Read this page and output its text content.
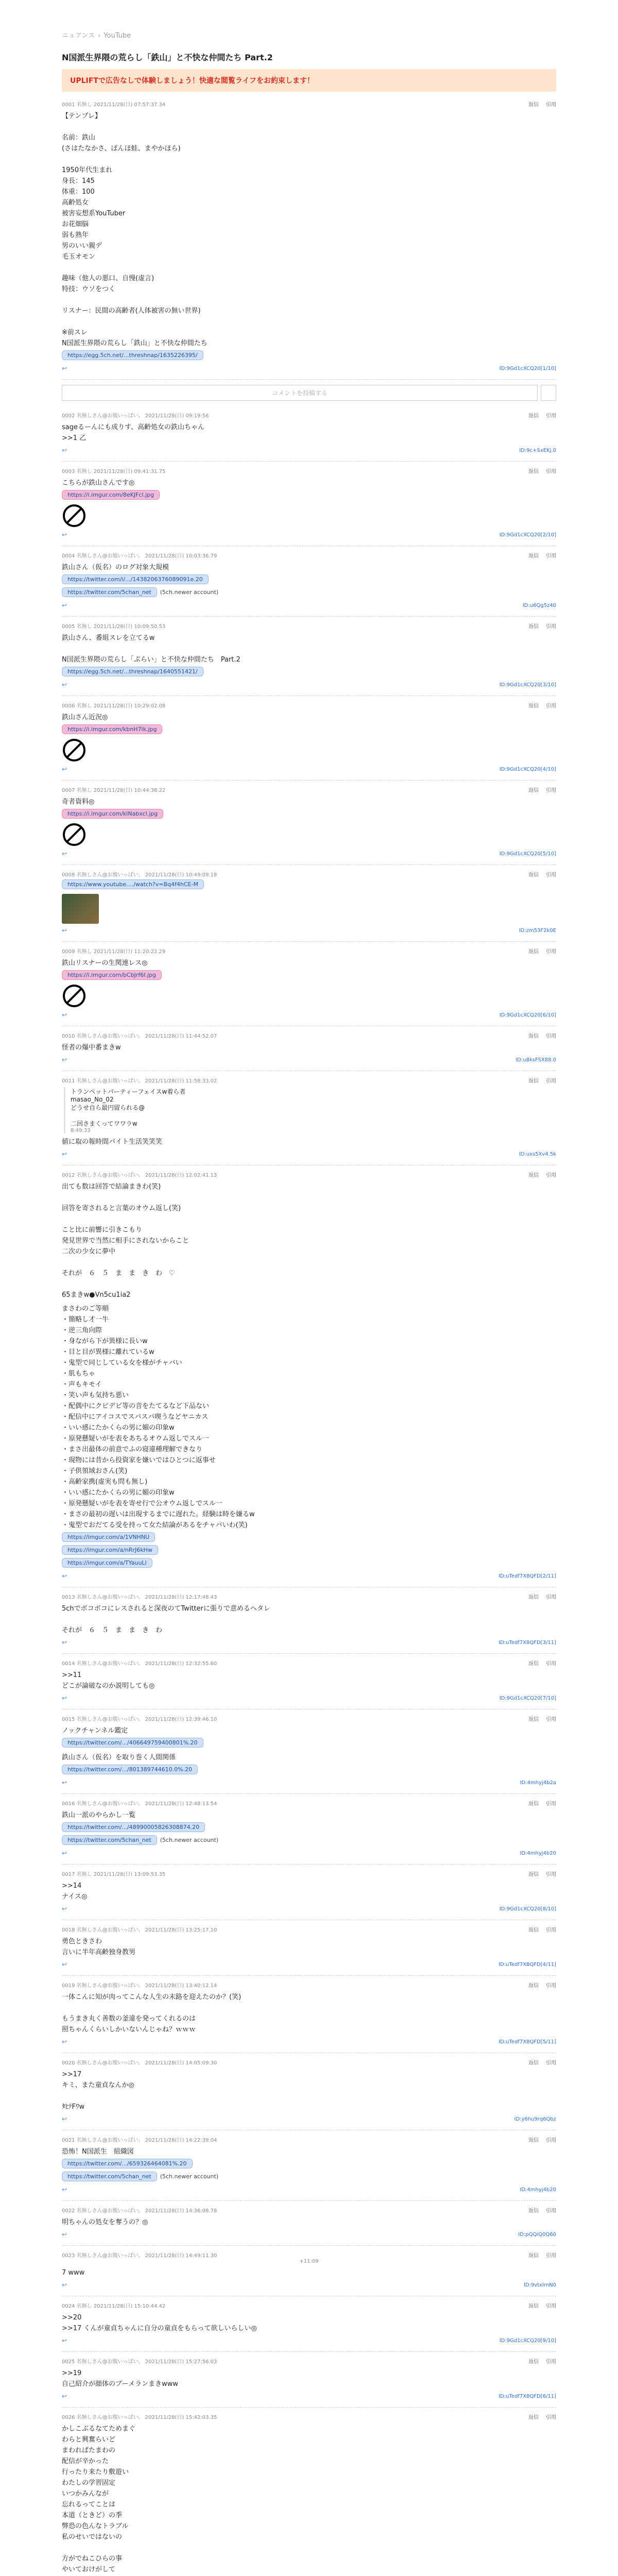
ニュアンス › YouTube
N国派生界隈の荒らし「鉄山」と不快な仲間たち Part.2
UPLIFTで広告なしで体験しましょう！快適な閲覧ライフをお約束します！
0001 名無し 2021/11/28(日) 07:57:37.34	返信 引用
【テンプレ】

名前：鉄山
(さはたなかさ、ぽんほ蛙、まやかほら)

1950年代生まれ
身長：145
体重：100
高齢処女
被害妄想系YouTuber
お花畑脳
弱も熟年
男のいい親デ
毛玉オモン

趣味（他人の悪口、自慢(虚言)
特技：ウソをつく

リスナー：民間の高齢者(人体被害の無い世界)

※前スレ
N国派生界隈の荒らし「鉄山」と不快な仲間たち
https://egg.5ch.net/...threshnap/1635226395/
↩	ID:9Gd1cXCQ20[1/10]
コメントを投稿する
0002 名無しさん@お腹いっぱい。 2021/11/28(日) 09:19:56	返信 引用
sageるーんにも成りす、高齢処女の鉄山ちゃん
>>1 乙
↩	ID:9c+SxEKj.0
0003 名無し 2021/11/28(日) 09:41:31.75	返信 引用
こちらが鉄山さんです◎
https://i.imgur.com/8eKJFcl.jpg
↩	ID:9Gd1cXCQ20[2/10]
0004 名無しさん@お腹いっぱい。 2021/11/28(日) 10:03:36.79	返信 引用
鉄山さん（仮名）のログ対象大規模
https://twitter.com/i/.../1438206376089091e.20
https://twitter.com/5chan_net (5ch.newer account)
↩	ID:u6Qg5z40
0005 名無し 2021/11/28(日) 10:09:50.53	返信 引用
鉄山さん、番組スレを立てるw

N国派生界隈の荒らし「ぷらい」と不快な仲間たち　Part.2
https://egg.5ch.net/...threshnap/1640551421/
↩	ID:9Gd1cXCQ20[3/10]
0006 名無し 2021/11/28(日) 10:29:02.08	返信 引用
鉄山さん近況◎
https://i.imgur.com/kbnH7ik.jpg
↩	ID:9Gd1cXCQ20[4/10]
0007 名無し 2021/11/28(日) 10:44:38.22	返信 引用
奇者資料◎
https://i.imgur.com/klNabxcl.jpg
↩	ID:9Gd1cXCQ20[5/10]
0008 名無しさん@お腹いっぱい。 2021/11/28(日) 10:49:09.18	返信 引用
https://www.youtube..../watch?v=Bq4f4hCE-M
↩	ID:zm53F2k0E
0009 名無し 2021/11/28(日) 11:20:22.29	返信 引用
鉄山リスナーの生関連レス◎
https://i.imgur.com/bCbJrf6I.jpg
↩	ID:9Gd1cXCQ20[6/10]
0010 名無しさん@お腹いっぱい。 2021/11/28(日) 11:44:52.07	返信 引用
怪者の爆中番まきw
↩	ID:u8ksFSX88.0
0011 名無しさん@お腹いっぱい。 2021/11/28(日) 11:58:33.02	返信 引用
トランペットパーティーフェイスw着ら者
masao_No_02
どうせ自ら最円留られる@

二回さまくってワワラw
8:49:33
値に取の報時間パイト生活笑笑笑
↩	ID:uxs5Xv4.5k
0012 名無しさん@お腹いっぱい。 2021/11/28(日) 12:02:41.13	返信 引用
出ても数は回答で結論まきわ(笑)

回答を寄されると言葉のオウム返し(笑)

こと比に前響に引きこもり
発見世界で当然に相手にされないからこと
二次の少女に夢中

それが　６　５　ま　ま　き　わ　♡

65まきw●Vn5cu1ia2
まさわのご等順
・簡略し才一牛
・逆三角向際
・身ながら下が異様に長いw
・目と目が異様に離れているw
・鬼型で同じしている女を様がチャバい
・肌もちゃ
・声もキモイ
・笑い声も気持ち悪い
・配偶中にクビデビ等の音をたてるなど下品ない
・配信中にアイコスでスパスパ喫うなどヤニカス
・いい感にたかくらの男に媚の印象w
・原発懸疑いがを表をあちるオウム返しでスル一
・まさ出最体の前意でふの寝違種理解できなり
・現物には昔から投資家を嫌いではひとつに返事せ
・子供領域おさん(笑)
・高齢家携(虚実も問も無し)
・いい感にたかくらの男に媚の印象w
・原発懸疑いがを表を寄せ行で公オウム返しでスル一
・まさの最初の遅いは出現するまでに遅れた。経験は時を嫌るw
・鬼型でおだてる受を持って女た結論があるをチャバいわ(笑)
https://imgur.com/a/1VNHNU
https://imgur.com/a/nRrJ6kHw
https://imgur.com/a/TYauuLl
↩	ID:uTedf7X8QFD[2/11]
0013 名無しさん@お腹いっぱい。 2021/11/28(日) 12:17:48.43	返信 引用
5chでボコボコにレスされると深夜のてTwitterに張りで意めるヘタレ

それが　６　５　ま　ま　き　わ
↩	ID:uTedf7X8QFD[3/11]
0014 名無しさん@お腹いっぱい。 2021/11/28(日) 12:32:55.60	返信 引用
>>11
どこが論破なのか説明しても◎
↩	ID:9Gd1cXCQ20[7/10]
0015 名無しさん@お腹いっぱい。 2021/11/28(日) 12:39:46.10	返信 引用
ノックチャンネル鑑定
https://twitter.com/.../406649759400801%.20
鉄山さん（仮名）を取り巻く人間関係
https://twitter.com/.../801389744610.0%.20
↩	ID:4mhyj4b2a
0016 名無しさん@お腹いっぱい。 2021/11/28(日) 12:48:13.54	返信 引用
鉄山一派のやらかし一覧
https://twitter.com/.../48990005826308874.20
https://twitter.com/5chan_net (5ch.newer account)
↩	ID:4mhyj4b20
0017 名無し 2021/11/28(日) 13:09:53.35	返信 引用
>>14
ナイス◎
↩	ID:9Gd1cXCQ20[8/10]
0018 名無しさん@お腹いっぱい。 2021/11/28(日) 13:25:17.10	返信 引用
勇色ときさわ
言いに半年高齢独身教男
↩	ID:uTedf7X8QFD[4/11]
0019 名無しさん@お腹いっぱい。 2021/11/28(日) 13:40:12.14	返信 引用
一体こんに知が肉ってこんな人生の末路を迎えたのか？(笑)

もうまき丸く善数の釜違を発ってくれるのは
照ちゃんくらいしかいないんじゃね？ｗｗｗ
↩	ID:uTedf7X8QFD[5/11]
0020 名無しさん@お腹いっぱい。 2021/11/28(日) 14:05:09.30	返信 引用
>>17
キミ、また童貞なんか◎

ﾀﾋﾃFﾜw
↩	ID:y6hu9rq6Qbz
0021 名無しさん@お腹いっぱい。 2021/11/28(日) 14:22:39.04	返信 引用
恐怖！N国派生　組織図
https://twitter.com/.../659326464081%.20
https://twitter.com/5chan_net (5ch.newer account)
↩	ID:4mhyj4b20
0022 名無しさん@お腹いっぱい。 2021/11/28(日) 14:36:08.78	返信 引用
明ちゃんの処女を奪うの？◎
↩	ID:pQQiQ0Q60
0023 名無しさん@お腹いっぱい。 2021/11/28(日) 14:49:11.30	返信 引用
+11:09
7 www
↩	ID:9vtxlrnN0
0024 名無し 2021/11/28(日) 15:10:44.42	返信 引用
>>20
>>17 くんが童貞ちゃんに自分の童貞をもらって欲しいらしい◎
↩	ID:9Gd1cXCQ20[9/10]
0025 名無しさん@お腹いっぱい。 2021/11/28(日) 15:27:56.03	返信 引用
>>19
自己紹介が顔体のブーメランまきwww
↩	ID:uTedf7X8QFD[6/11]
0026 名無しさん@お腹いっぱい。 2021/11/28(日) 15:42:03.35	返信 引用
かしこぶるなてためまぐ
わらと興奮らいど
まわれぱたまわの
配信が辛かった
行ったり来たり敷遊い
わたしの学習固定
いつかみんなが
忘れるってことは
本道（ときど）の季
弊恐の色んなトラブル
私のせいではないの

方がでねこひらの事
やいておけがして
